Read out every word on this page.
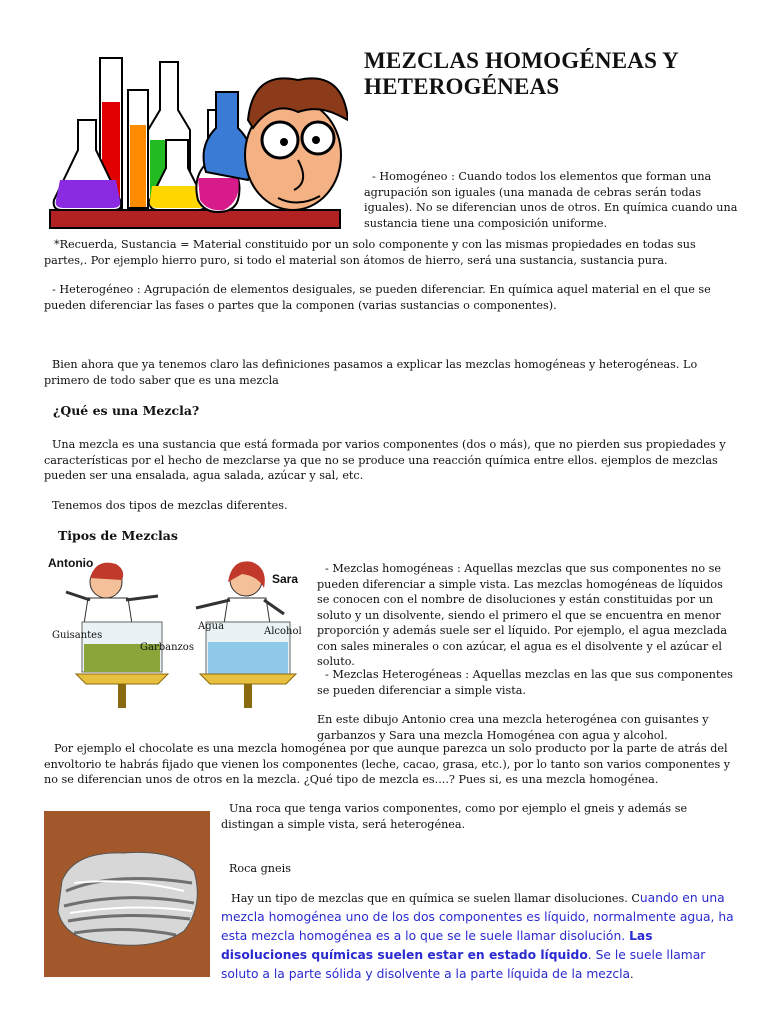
MEZCLAS HOMOGÉNEAS Y HETEROGÉNEAS
- Homogéneo : Cuando todos los elementos que forman una agrupación son iguales (una manada de cebras serán todas iguales). No se diferencian unos de otros. En química cuando una sustancia tiene una composición uniforme.
*Recuerda, Sustancia = Material constituido por un solo componente y con las mismas propiedades en todas sus partes,. Por ejemplo hierro puro, si todo el material son átomos de hierro, será una sustancia, sustancia pura.
- Heterogéneo : Agrupación de elementos desiguales, se pueden diferenciar. En química aquel material en el que se pueden diferenciar las fases o partes que la componen (varias sustancias o componentes).
Bien ahora que ya tenemos claro las definiciones pasamos a explicar las mezclas homogéneas y heterogéneas. Lo primero de todo saber que es una mezcla
¿Qué es una Mezcla?
Una mezcla es una sustancia que está formada por varios componentes (dos o más), que no pierden sus propiedades y características por el hecho de mezclarse ya que no se produce una reacción química entre ellos. ejemplos de mezclas pueden ser una ensalada, agua salada, azúcar y sal, etc.
Tenemos dos tipos de mezclas diferentes.
Tipos de Mezclas
Antonio
Sara
Guisantes
Garbanzos
Agua	Alcohol
- Mezclas homogéneas : Aquellas mezclas que sus componentes no se pueden diferenciar a simple vista. Las mezclas homogéneas de líquidos se conocen con el nombre de disoluciones y están constituidas por un soluto y un disolvente, siendo el primero el que se encuentra en menor proporción y además suele ser el líquido. Por ejemplo, el agua mezclada con sales minerales o con azúcar, el agua es el disolvente y el azúcar el soluto.
- Mezclas Heterogéneas : Aquellas mezclas en las que sus componentes se pueden diferenciar a simple vista.
En este dibujo Antonio crea una mezcla heterogénea con guisantes y garbanzos y Sara una mezcla Homogénea con agua y alcohol.
Por ejemplo el chocolate es una mezcla homogénea por que aunque parezca un solo producto por la parte de atrás del envoltorio te habrás fijado que vienen los componentes (leche, cacao, grasa, etc.), por lo tanto son varios componentes y no se diferencian unos de otros en la mezcla. ¿Qué tipo de mezcla es....? Pues si, es una mezcla homogénea.
Una roca que tenga varios componentes, como por ejemplo el gneis y además se distingan a simple vista, será heterogénea.
Roca gneis
Hay un tipo de mezclas que en química se suelen llamar disoluciones. Cuando en una mezcla homogénea uno de los dos componentes es líquido, normalmente agua, ha esta mezcla homogénea es a lo que se le suele llamar disolución. Las disoluciones químicas suelen estar en estado líquido. Se le suele llamar soluto a la parte sólida y disolvente a la parte líquida de la mezcla.
